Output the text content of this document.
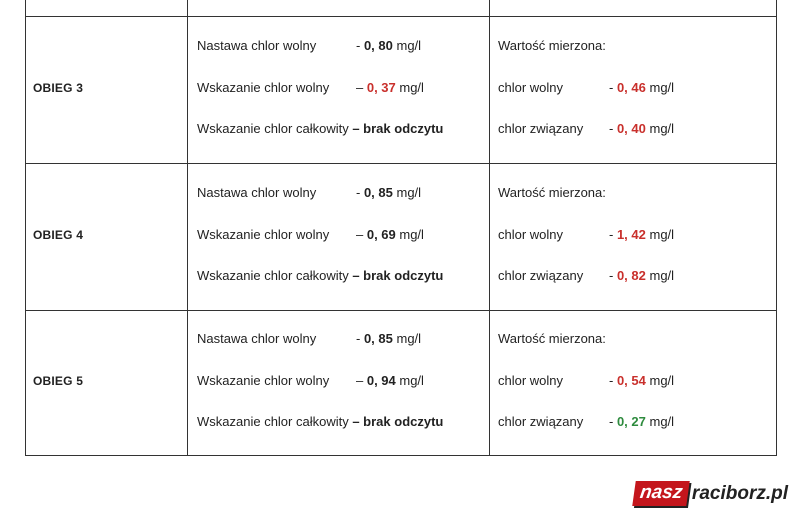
OBIEG 3
Nastawa chlor wolny	- 0, 80 mg/l
Wskazanie chlor wolny – 0, 37 mg/l
Wskazanie chlor całkowity – brak odczytu
Wartość mierzona:
chlor wolny	- 0, 46 mg/l
chlor związany - 0, 40 mg/l
OBIEG 4
Nastawa chlor wolny	- 0, 85 mg/l
Wskazanie chlor wolny – 0, 69 mg/l
Wskazanie chlor całkowity – brak odczytu
Wartość mierzona:
chlor wolny	- 1, 42 mg/l
chlor związany - 0, 82 mg/l
OBIEG 5
Nastawa chlor wolny	- 0, 85 mg/l
Wskazanie chlor wolny – 0, 94 mg/l
Wskazanie chlor całkowity – brak odczytu
Wartość mierzona:
chlor wolny	- 0, 54 mg/l
chlor związany - 0, 27 mg/l
nasz raciborz.pl
